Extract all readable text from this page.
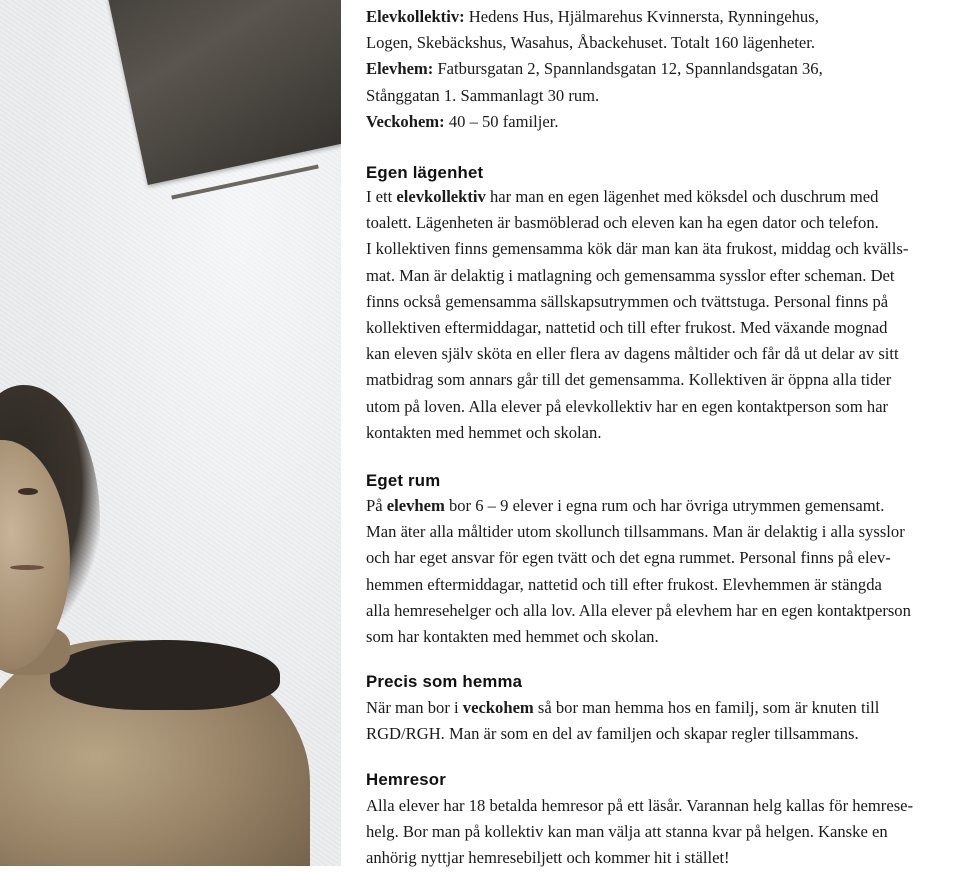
Elevkollektiv: Hedens Hus, Hjälmarehus Kvinnersta, Rynningehus,

Logen, Skebäckshus, Wasahus, Åbackehuset. Totalt 160 lägenheter.

Elevhem: Fatbursgatan 2, Spannlandsgatan 12, Spannlandsgatan 36,

Stånggatan 1. Sammanlagt 30 rum.

Veckohem: 40 – 50 familjer.

Egen lägenhet

I ett elevkollektiv har man en egen lägenhet med köksdel och duschrum med

toalett. Lägenheten är basmöblerad och eleven kan ha egen dator och telefon.

I kollektiven finns gemensamma kök där man kan äta frukost, middag och kvälls-

mat. Man är delaktig i matlagning och gemensamma sysslor efter scheman. Det

finns också gemensamma sällskapsutrymmen och tvättstuga. Personal finns på

kollektiven eftermiddagar, nattetid och till efter frukost. Med växande mognad

kan eleven själv sköta en eller flera av dagens måltider och får då ut delar av sitt

matbidrag som annars går till det gemensamma. Kollektiven är öppna alla tider

utom på loven. Alla elever på elevkollektiv har en egen kontaktperson som har

kontakten med hemmet och skolan.

Eget rum

På elevhem bor 6 – 9 elever i egna rum och har övriga utrymmen gemensamt.

Man äter alla måltider utom skollunch tillsammans. Man är delaktig i alla sysslor

och har eget ansvar för egen tvätt och det egna rummet. Personal finns på elev-

hemmen eftermiddagar, nattetid och till efter frukost. Elevhemmen är stängda

alla hemresehelger och alla lov. Alla elever på elevhem har en egen kontaktperson

som har kontakten med hemmet och skolan.

Precis som hemma

När man bor i veckohem så bor man hemma hos en familj, som är knuten till

RGD/RGH. Man är som en del av familjen och skapar regler tillsammans.

Hemresor

Alla elever har 18 betalda hemresor på ett läsår. Varannan helg kallas för hemrese-

helg. Bor man på kollektiv kan man välja att stanna kvar på helgen. Kanske en

anhörig nyttjar hemresebiljett och kommer hit i stället!
